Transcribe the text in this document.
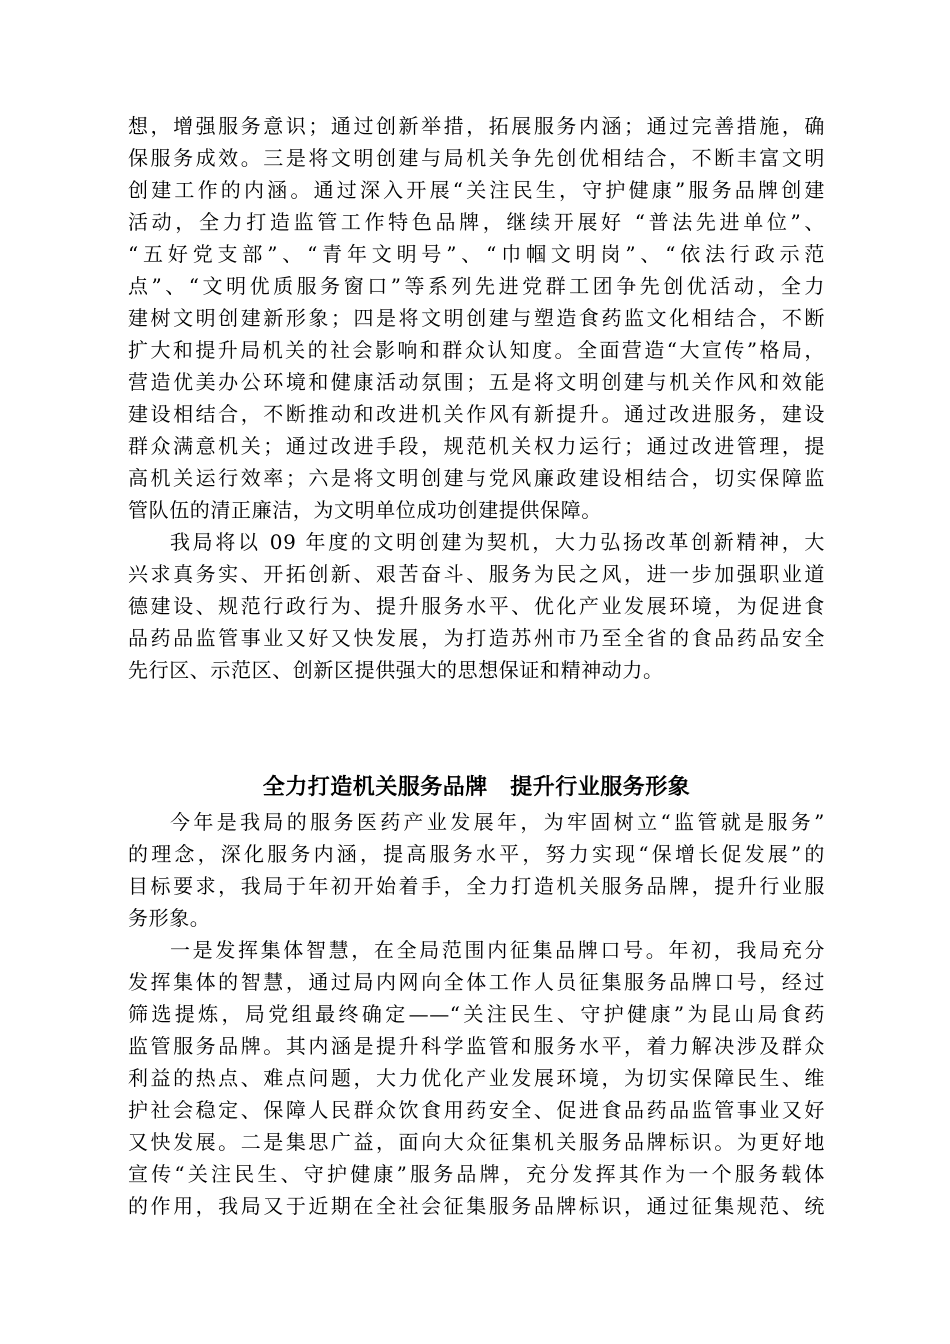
想，增强服务意识；通过创新举措，拓展服务内涵；通过完善措施，确
保服务成效。三是将文明创建与局机关争先创优相结合，不断丰富文明
创建工作的内涵。通过深入开展“关注民生，守护健康”服务品牌创建
活动，全力打造监管工作特色品牌，继续开展好 “普法先进单位”、
“五好党支部”、“青年文明号”、“巾帼文明岗”、“依法行政示范
点”、“文明优质服务窗口”等系列先进党群工团争先创优活动，全力
建树文明创建新形象；四是将文明创建与塑造食药监文化相结合，不断
扩大和提升局机关的社会影响和群众认知度。全面营造“大宣传”格局，
营造优美办公环境和健康活动氛围；五是将文明创建与机关作风和效能
建设相结合，不断推动和改进机关作风有新提升。通过改进服务，建设
群众满意机关；通过改进手段，规范机关权力运行；通过改进管理，提
高机关运行效率；六是将文明创建与党风廉政建设相结合，切实保障监
管队伍的清正廉洁，为文明单位成功创建提供保障。
我局将以 09 年度的文明创建为契机，大力弘扬改革创新精神，大
兴求真务实、开拓创新、艰苦奋斗、服务为民之风，进一步加强职业道
德建设、规范行政行为、提升服务水平、优化产业发展环境，为促进食
品药品监管事业又好又快发展，为打造苏州市乃至全省的食品药品安全
先行区、示范区、创新区提供强大的思想保证和精神动力。
全力打造机关服务品牌　提升行业服务形象
今年是我局的服务医药产业发展年，为牢固树立“监管就是服务”
的理念，深化服务内涵，提高服务水平，努力实现“保增长促发展”的
目标要求，我局于年初开始着手，全力打造机关服务品牌，提升行业服
务形象。
一是发挥集体智慧，在全局范围内征集品牌口号。年初，我局充分
发挥集体的智慧，通过局内网向全体工作人员征集服务品牌口号，经过
筛选提炼，局党组最终确定——“关注民生、守护健康”为昆山局食药
监管服务品牌。其内涵是提升科学监管和服务水平，着力解决涉及群众
利益的热点、难点问题，大力优化产业发展环境，为切实保障民生、维
护社会稳定、保障人民群众饮食用药安全、促进食品药品监管事业又好
又快发展。二是集思广益，面向大众征集机关服务品牌标识。为更好地
宣传“关注民生、守护健康”服务品牌，充分发挥其作为一个服务载体
的作用，我局又于近期在全社会征集服务品牌标识，通过征集规范、统
